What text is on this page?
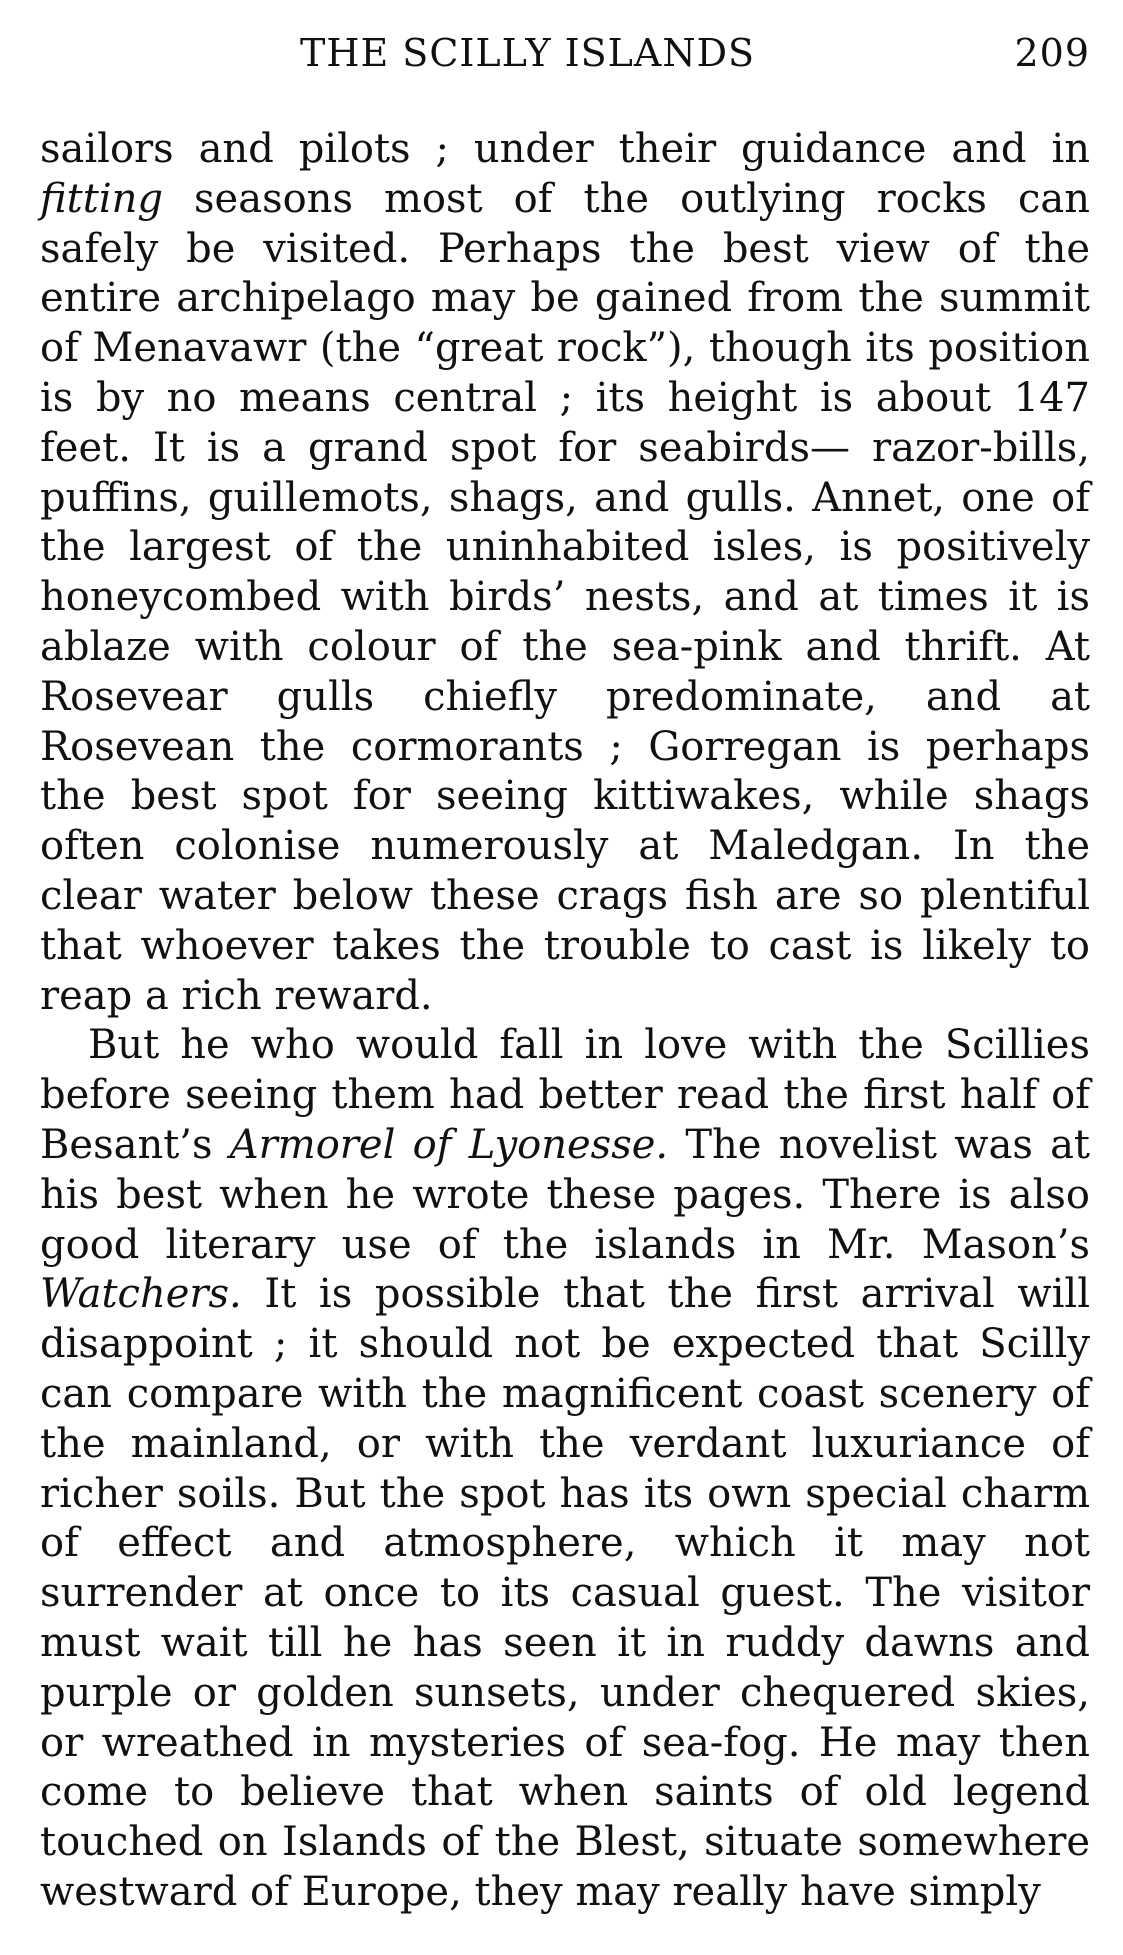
THE SCILLY ISLANDS	209

sailors and pilots ; under their guidance and in fitting seasons most of the outlying rocks can safely be visited. Perhaps the best view of the entire archipelago may be gained from the summit of Menavawr (the “great rock”), though its position is by no means central ; its height is about 147 feet. It is a grand spot for seabirds— razor-bills, puffins, guillemots, shags, and gulls. Annet, one of the largest of the uninhabited isles, is positively honeycombed with birds’ nests, and at times it is ablaze with colour of the sea-pink and thrift. At Rosevear gulls chiefly predominate, and at Rosevean the cormorants ; Gorregan is perhaps the best spot for seeing kittiwakes, while shags often colonise numerously at Maledgan. In the clear water below these crags fish are so plentiful that whoever takes the trouble to cast is likely to reap a rich reward.

But he who would fall in love with the Scillies before seeing them had better read the first half of Besant’s Armorel of Lyonesse. The novelist was at his best when he wrote these pages. There is also good literary use of the islands in Mr. Mason’s Watchers. It is possible that the first arrival will disappoint ; it should not be expected that Scilly can compare with the magnificent coast scenery of the mainland, or with the verdant luxuriance of richer soils. But the spot has its own special charm of effect and atmosphere, which it may not surrender at once to its casual guest. The visitor must wait till he has seen it in ruddy dawns and purple or golden sunsets, under chequered skies, or wreathed in mysteries of sea-fog. He may then come to believe that when saints of old legend touched on Islands of the Blest, situate somewhere westward of Europe, they may really have simply
